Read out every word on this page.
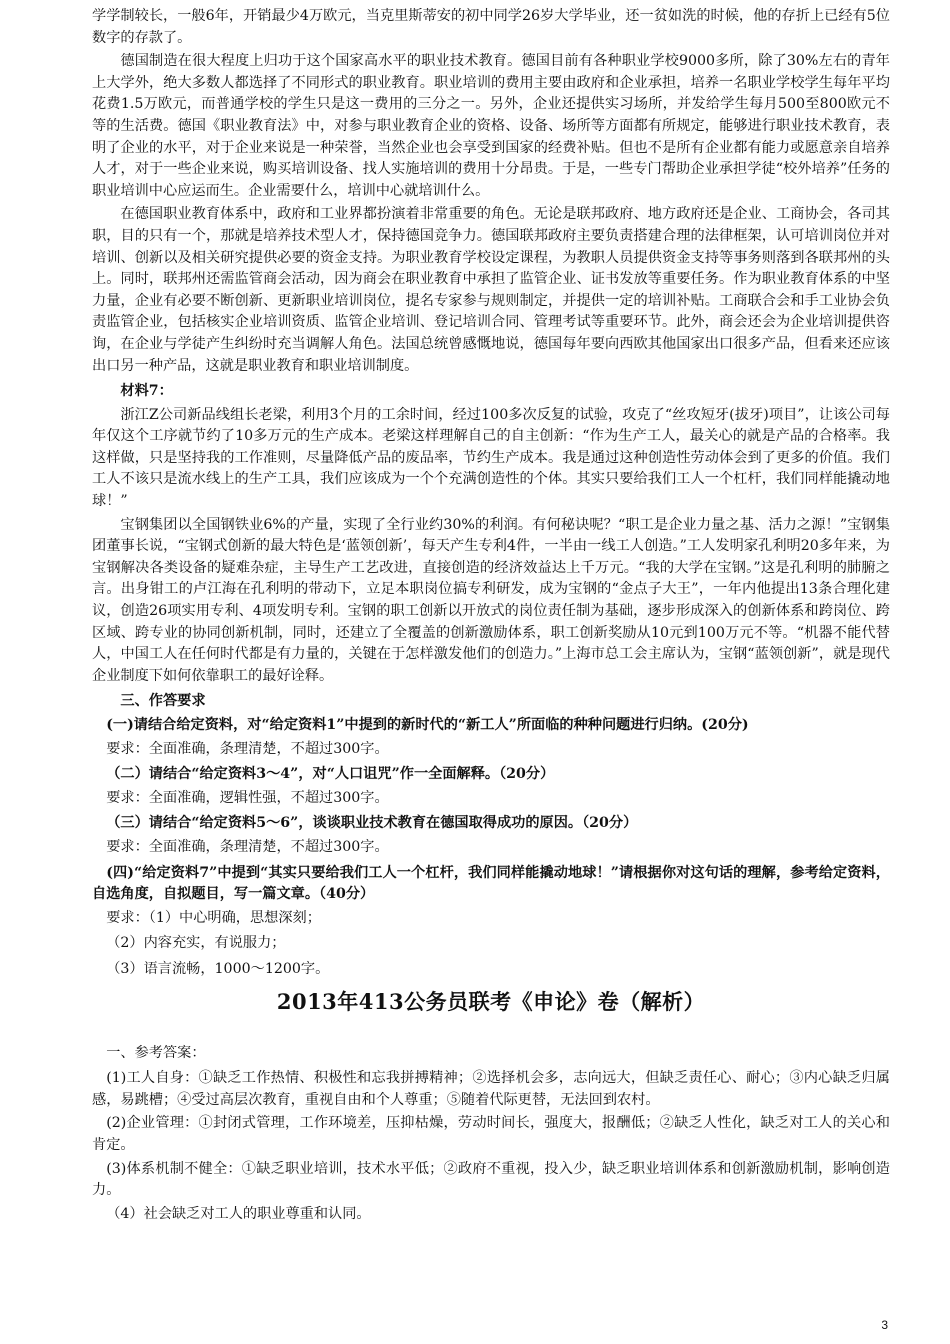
学学制较长，一般6年，开销最少4万欧元，当克里斯蒂安的初中同学26岁大学毕业，还一贫如洗的时候，他的存折上已经有5位数字的存款了。

德国制造在很大程度上归功于这个国家高水平的职业技术教育。德国目前有各种职业学校9000多所，除了30%左右的青年上大学外，绝大多数人都选择了不同形式的职业教育。职业培训的费用主要由政府和企业承担，培养一名职业学校学生每年平均花费1.5万欧元，而普通学校的学生只是这一费用的三分之一。另外，企业还提供实习场所，并发给学生每月500至800欧元不等的生活费。德国《职业教育法》中，对参与职业教育企业的资格、设备、场所等方面都有所规定，能够进行职业技术教育，表明了企业的水平，对于企业来说是一种荣誉，当然企业也会享受到国家的经费补贴。但也不是所有企业都有能力或愿意亲自培养人才，对于一些企业来说，购买培训设备、找人实施培训的费用十分昂贵。于是，一些专门帮助企业承担学徒“校外培养”任务的职业培训中心应运而生。企业需要什么，培训中心就培训什么。

在德国职业教育体系中，政府和工业界都扮演着非常重要的角色。无论是联邦政府、地方政府还是企业、工商协会，各司其职，目的只有一个，那就是培养技术型人才，保持德国竞争力。德国联邦政府主要负责搭建合理的法律框架，认可培训岗位并对培训、创新以及相关研究提供必要的资金支持。为职业教育学校设定课程，为教职人员提供资金支持等事务则落到各联邦州的头上。同时，联邦州还需监管商会活动，因为商会在职业教育中承担了监管企业、证书发放等重要任务。作为职业教育体系的中坚力量，企业有必要不断创新、更新职业培训岗位，提名专家参与规则制定，并提供一定的培训补贴。工商联合会和手工业协会负责监管企业，包括核实企业培训资质、监管企业培训、登记培训合同、管理考试等重要环节。此外，商会还会为企业培训提供咨询，在企业与学徒产生纠纷时充当调解人角色。法国总统曾感慨地说，德国每年要向西欧其他国家出口很多产品，但看来还应该出口另一种产品，这就是职业教育和职业培训制度。

材料7：

浙江Z公司新品线组长老梁，利用3个月的工余时间，经过100多次反复的试验，攻克了“丝攻短牙(拔牙)项目”，让该公司每年仅这个工序就节约了10多万元的生产成本。老梁这样理解自己的自主创新：“作为生产工人，最关心的就是产品的合格率。我这样做，只是坚持我的工作准则，尽量降低产品的废品率，节约生产成本。我是通过这种创造性劳动体会到了更多的价值。我们工人不该只是流水线上的生产工具，我们应该成为一个个充满创造性的个体。其实只要给我们工人一个杠杆，我们同样能撬动地球！”

宝钢集团以全国钢铁业6%的产量，实现了全行业约30%的利润。有何秘诀呢？“职工是企业力量之基、活力之源！”宝钢集团董事长说，“宝钢式创新的最大特色是‘蓝领创新’，每天产生专利4件，一半由一线工人创造。”工人发明家孔利明20多年来，为宝钢解决各类设备的疑难杂症，主导生产工艺改进，直接创造的经济效益达上千万元。“我的大学在宝钢。”这是孔利明的肺腑之言。出身钳工的卢江海在孔利明的带动下，立足本职岗位搞专利研发，成为宝钢的“金点子大王”，一年内他提出13条合理化建议，创造26项实用专利、4项发明专利。宝钢的职工创新以开放式的岗位责任制为基础，逐步形成深入的创新体系和跨岗位、跨区域、跨专业的协同创新机制，同时，还建立了全覆盖的创新激励体系，职工创新奖励从10元到100万元不等。“机器不能代替人，中国工人在任何时代都是有力量的，关键在于怎样激发他们的创造力。”上海市总工会主席认为，宝钢“蓝领创新”，就是现代企业制度下如何依靠职工的最好诠释。

三、作答要求

(一)请结合给定资料，对“给定资料1”中提到的新时代的“新工人”所面临的种种问题进行归纳。(20分)

要求：全面准确，条理清楚，不超过300字。

（二）请结合“给定资料3～4”，对“人口诅咒”作一全面解释。（20分）

要求：全面准确，逻辑性强，不超过300字。

（三）请结合“给定资料5～6”，谈谈职业技术教育在德国取得成功的原因。（20分）

要求：全面准确，条理清楚，不超过300字。

(四)“给定资料7”中提到“其实只要给我们工人一个杠杆，我们同样能撬动地球！”请根据你对这句话的理解，参考给定资料，自选角度，自拟题目，写一篇文章。（40分）

要求：（1）中心明确，思想深刻；

（2）内容充实，有说服力；

（3）语言流畅，1000～1200字。

2013年413公务员联考《申论》卷（解析）

一、参考答案：

(1)工人自身：①缺乏工作热情、积极性和忘我拼搏精神；②选择机会多，志向远大，但缺乏责任心、耐心；③内心缺乏归属感，易跳槽；④受过高层次教育，重视自由和个人尊重；⑤随着代际更替，无法回到农村。

(2)企业管理：①封闭式管理，工作环境差，压抑枯燥，劳动时间长，强度大，报酬低；②缺乏人性化，缺乏对工人的关心和肯定。

(3)体系机制不健全：①缺乏职业培训，技术水平低；②政府不重视，投入少，缺乏职业培训体系和创新激励机制，影响创造力。

（4）社会缺乏对工人的职业尊重和认同。

3
